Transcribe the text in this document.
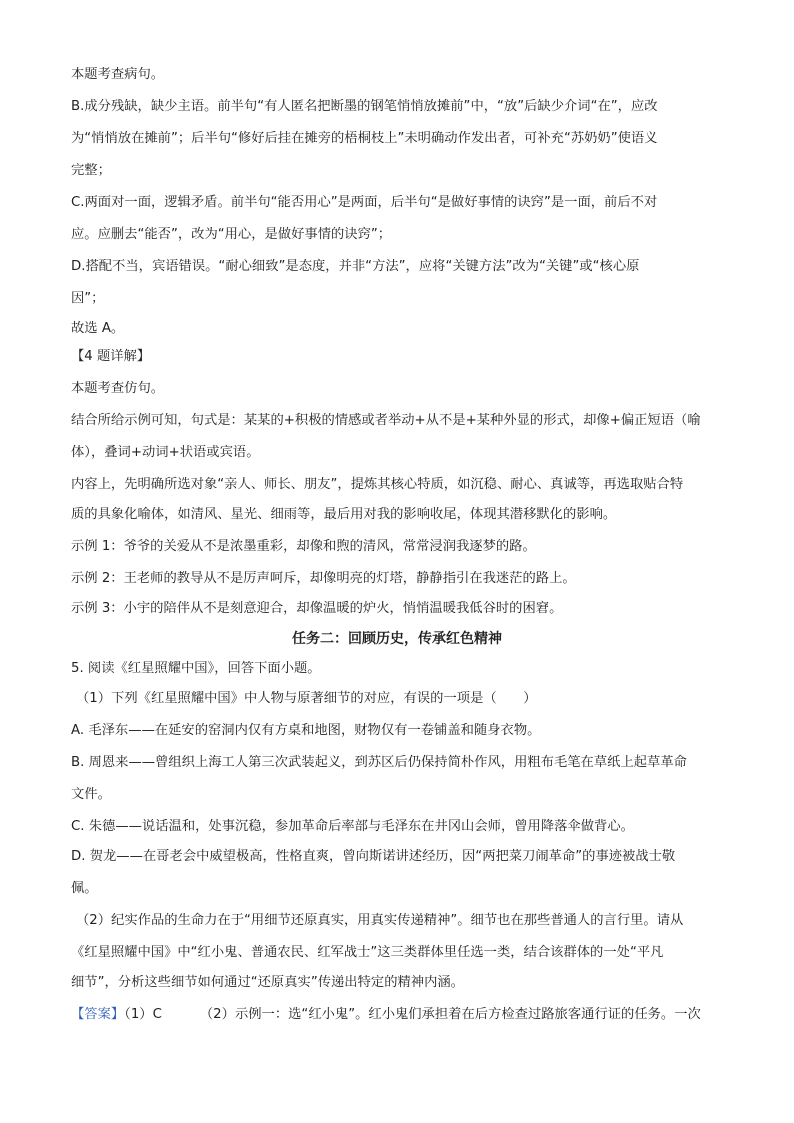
本题考查病句。
B.成分残缺，缺少主语。前半句“有人匿名把断墨的钢笔悄悄放摊前”中，“放”后缺少介词“在”，应改
为“悄悄放在摊前”；后半句“修好后挂在摊旁的梧桐枝上”未明确动作发出者，可补充“苏奶奶”使语义
完整；
C.两面对一面，逻辑矛盾。前半句“能否用心”是两面，后半句“是做好事情的诀窍”是一面，前后不对
应。应删去“能否”，改为“用心，是做好事情的诀窍”；
D.搭配不当，宾语错误。“耐心细致”是态度，并非“方法”，应将“关键方法”改为“关键”或“核心原
因”；
故选 A。
【4 题详解】
本题考查仿句。
结合所给示例可知，句式是：某某的+积极的情感或者举动+从不是+某种外显的形式，却像+偏正短语（喻
体），叠词+动词+状语或宾语。
内容上，先明确所选对象“亲人、师长、朋友”，提炼其核心特质，如沉稳、耐心、真诚等，再选取贴合特
质的具象化喻体，如清风、星光、细雨等，最后用对我的影响收尾，体现其潜移默化的影响。
示例 1：爷爷的关爱从不是浓墨重彩，却像和煦的清风，常常浸润我逐梦的路。
示例 2：王老师的教导从不是厉声呵斥，却像明亮的灯塔，静静指引在我迷茫的路上。
示例 3：小宇的陪伴从不是刻意迎合，却像温暖的炉火，悄悄温暖我低谷时的困窘。
任务二：回顾历史，传承红色精神
5. 阅读《红星照耀中国》，回答下面小题。
（1）下列《红星照耀中国》中人物与原著细节的对应，有误的一项是（　　）
A. 毛泽东——在延安的窑洞内仅有方桌和地图，财物仅有一卷铺盖和随身衣物。
B. 周恩来——曾组织上海工人第三次武装起义，到苏区后仍保持简朴作风，用粗布毛笔在草纸上起草革命
文件。
C. 朱德——说话温和，处事沉稳，参加革命后率部与毛泽东在井冈山会师，曾用降落伞做背心。
D. 贺龙——在哥老会中威望极高，性格直爽，曾向斯诺讲述经历，因“两把菜刀闹革命”的事迹被战士敬
佩。
（2）纪实作品的生命力在于“用细节还原真实，用真实传递精神”。细节也在那些普通人的言行里。请从
《红星照耀中国》中“红小鬼、普通农民、红军战士”这三类群体里任选一类，结合该群体的一处“平凡
细节”，分析这些细节如何通过“还原真实”传递出特定的精神内涵。
【答案】（1）C	（2）示例一：选“红小鬼”。红小鬼们承担着在后方检查过路旅客通行证的任务。一次
